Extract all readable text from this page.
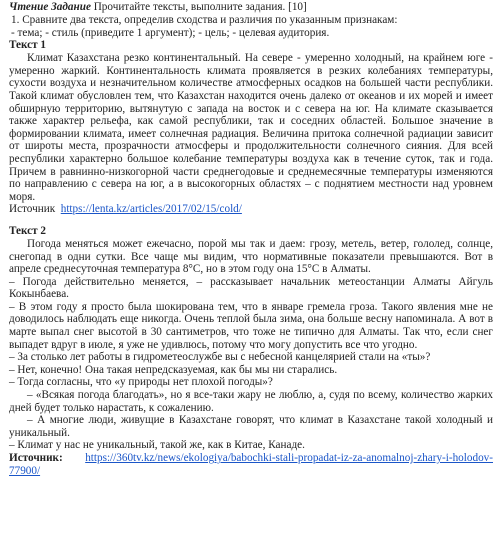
Чтение Задание Прочитайте тексты, выполните задания. [10]

1. Сравните два текста, определив сходства и различия по указанным признакам:

- тема; - стиль (приведите 1 аргумент); - цель; - целевая аудитория.

Текст 1

Климат Казахстана резко континентальный. На севере - умеренно холодный, на крайнем юге - умеренно жаркий. Континентальность климата проявляется в резких колебаниях температуры, сухости воздуха и незначительном количестве атмосферных осадков на большей части республики. Такой климат обусловлен тем, что Казахстан находится очень далеко от океанов и их морей и имеет обширную территорию, вытянутую с запада на восток и с севера на юг. На климате сказывается также характер рельефа, как самой республики, так и соседних областей. Большое значение в формировании климата, имеет солнечная радиация. Величина притока солнечной радиации зависит от широты места, прозрачности атмосферы и продолжительности солнечного сияния. Для всей республики характерно большое колебание температуры воздуха как в течение суток, так и года. Причем в равнинно-низкогорной части среднегодовые и среднемесячные температуры изменяются по направлению с севера на юг, а в высокогорных областях – с поднятием местности над уровнем моря.

Источник https://lenta.kz/articles/2017/02/15/cold/

Текст 2

Погода меняться может ежечасно, порой мы так и даем: грозу, метель, ветер, гололед, солнце, снегопад в одни сутки. Все чаще мы видим, что нормативные показатели превышаются. Вот в апреле среднесуточная температура 8°С, но в этом году она 15°С в Алматы.

– Погода действительно меняется, – рассказывает начальник метеостанции Алматы Айгуль Кокынбаева.

– В этом году я просто была шокирована тем, что в январе гремела гроза. Такого явления мне не доводилось наблюдать еще никогда. Очень теплой была зима, она больше весну напоминала. А вот в марте выпал снег высотой в 30 сантиметров, что тоже не типично для Алматы. Так что, если снег выпадет вдруг в июле, я уже не удивлюсь, потому что могу допустить все что угодно.

– За столько лет работы в гидрометеослужбе вы с небесной канцелярией стали на «ты»?

– Нет, конечно! Она такая непредсказуемая, как бы мы ни старались.

– Тогда согласны, что «у природы нет плохой погоды»?

– «Всякая погода благодать», но я все-таки жару не люблю, а, судя по всему, количество жарких дней будет только нарастать, к сожалению.

– А многие люди, живущие в Казахстане говорят, что климат в Казахстане такой холодный и уникальный.

– Климат у нас не уникальный, такой же, как в Китае, Канаде.

Источник: https://360tv.kz/news/ekologiya/babochki-stali-propadat-iz-za-anomalnoj-zhary-i-holodov-77900/
